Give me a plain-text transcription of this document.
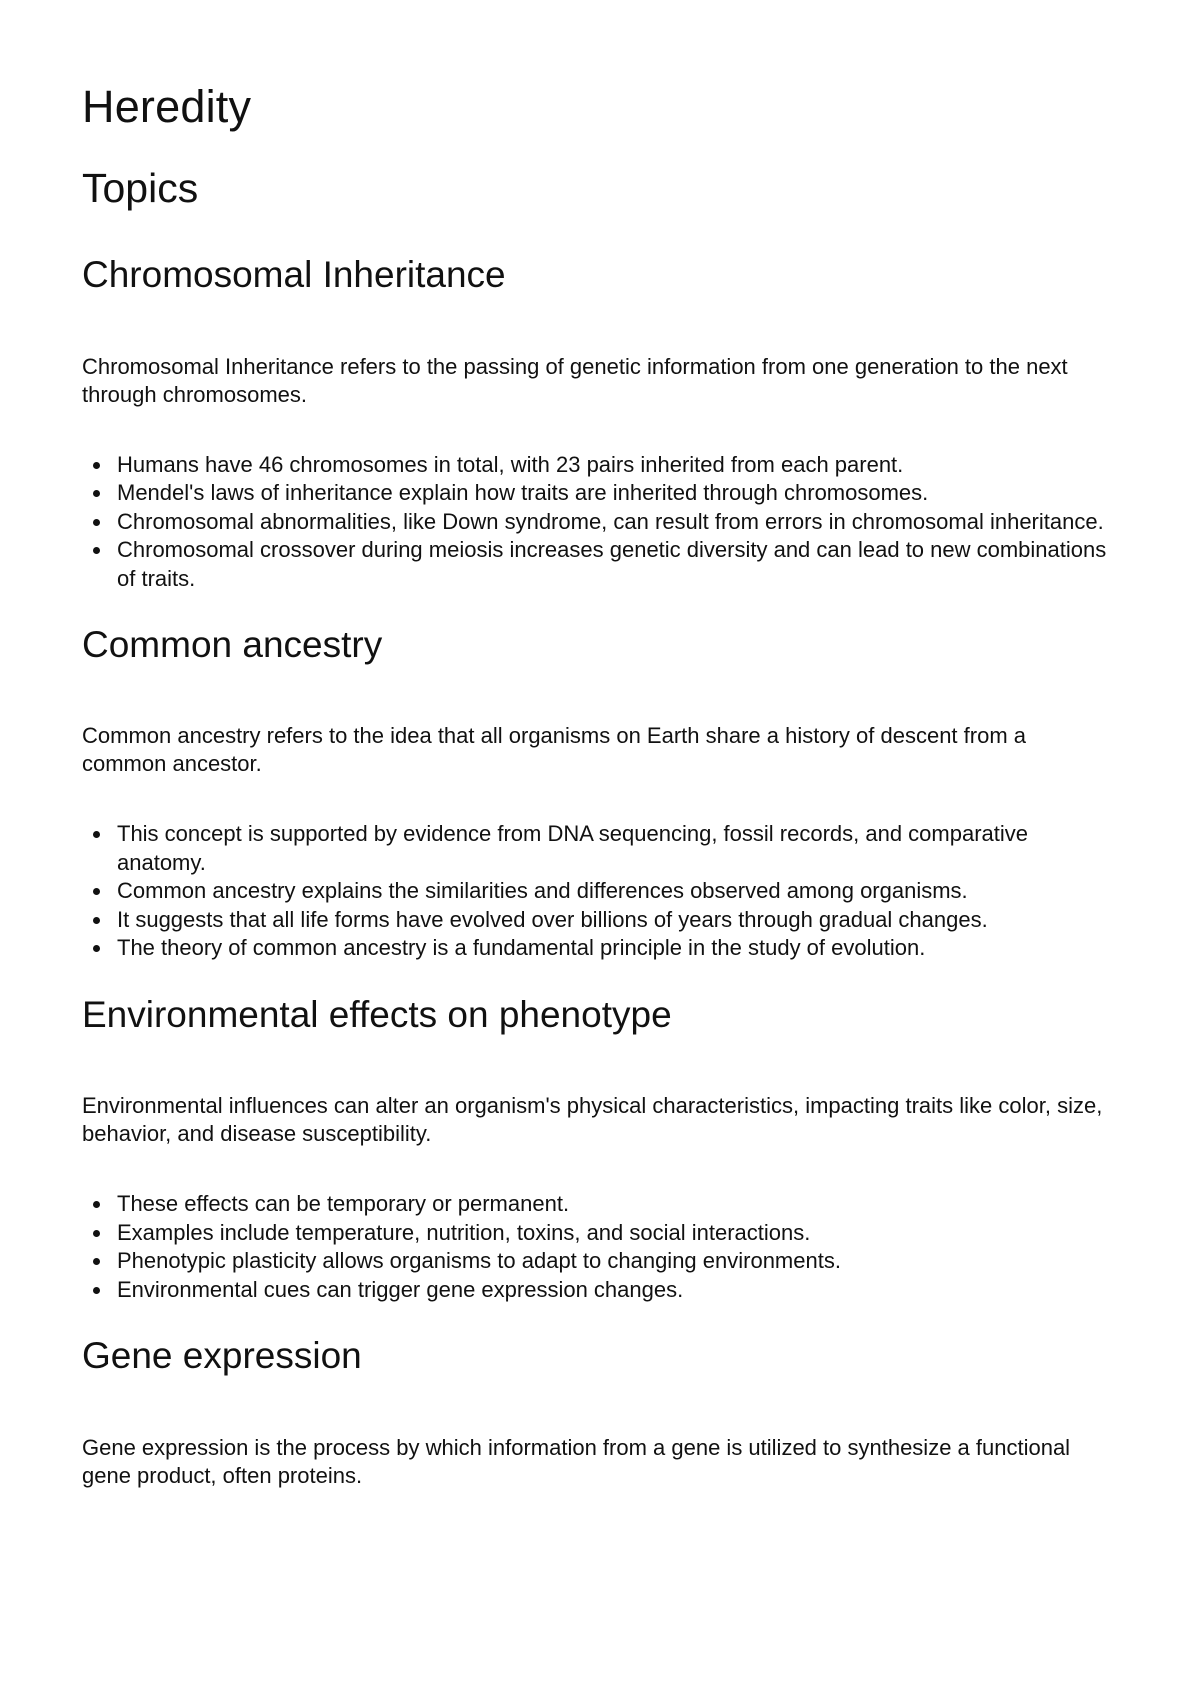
Heredity
Topics
Chromosomal Inheritance

Chromosomal Inheritance refers to the passing of genetic information from one generation to the next through chromosomes.

Humans have 46 chromosomes in total, with 23 pairs inherited from each parent.
Mendel's laws of inheritance explain how traits are inherited through chromosomes.
Chromosomal abnormalities, like Down syndrome, can result from errors in chromosomal inheritance.
Chromosomal crossover during meiosis increases genetic diversity and can lead to new combinations of traits.
Common ancestry

Common ancestry refers to the idea that all organisms on Earth share a history of descent from a common ancestor.

This concept is supported by evidence from DNA sequencing, fossil records, and comparative anatomy.
Common ancestry explains the similarities and differences observed among organisms.
It suggests that all life forms have evolved over billions of years through gradual changes.
The theory of common ancestry is a fundamental principle in the study of evolution.
Environmental effects on phenotype

Environmental influences can alter an organism's physical characteristics, impacting traits like color, size, behavior, and disease susceptibility.

These effects can be temporary or permanent.
Examples include temperature, nutrition, toxins, and social interactions.
Phenotypic plasticity allows organisms to adapt to changing environments.
Environmental cues can trigger gene expression changes.
Gene expression

Gene expression is the process by which information from a gene is utilized to synthesize a functional gene product, often proteins.
